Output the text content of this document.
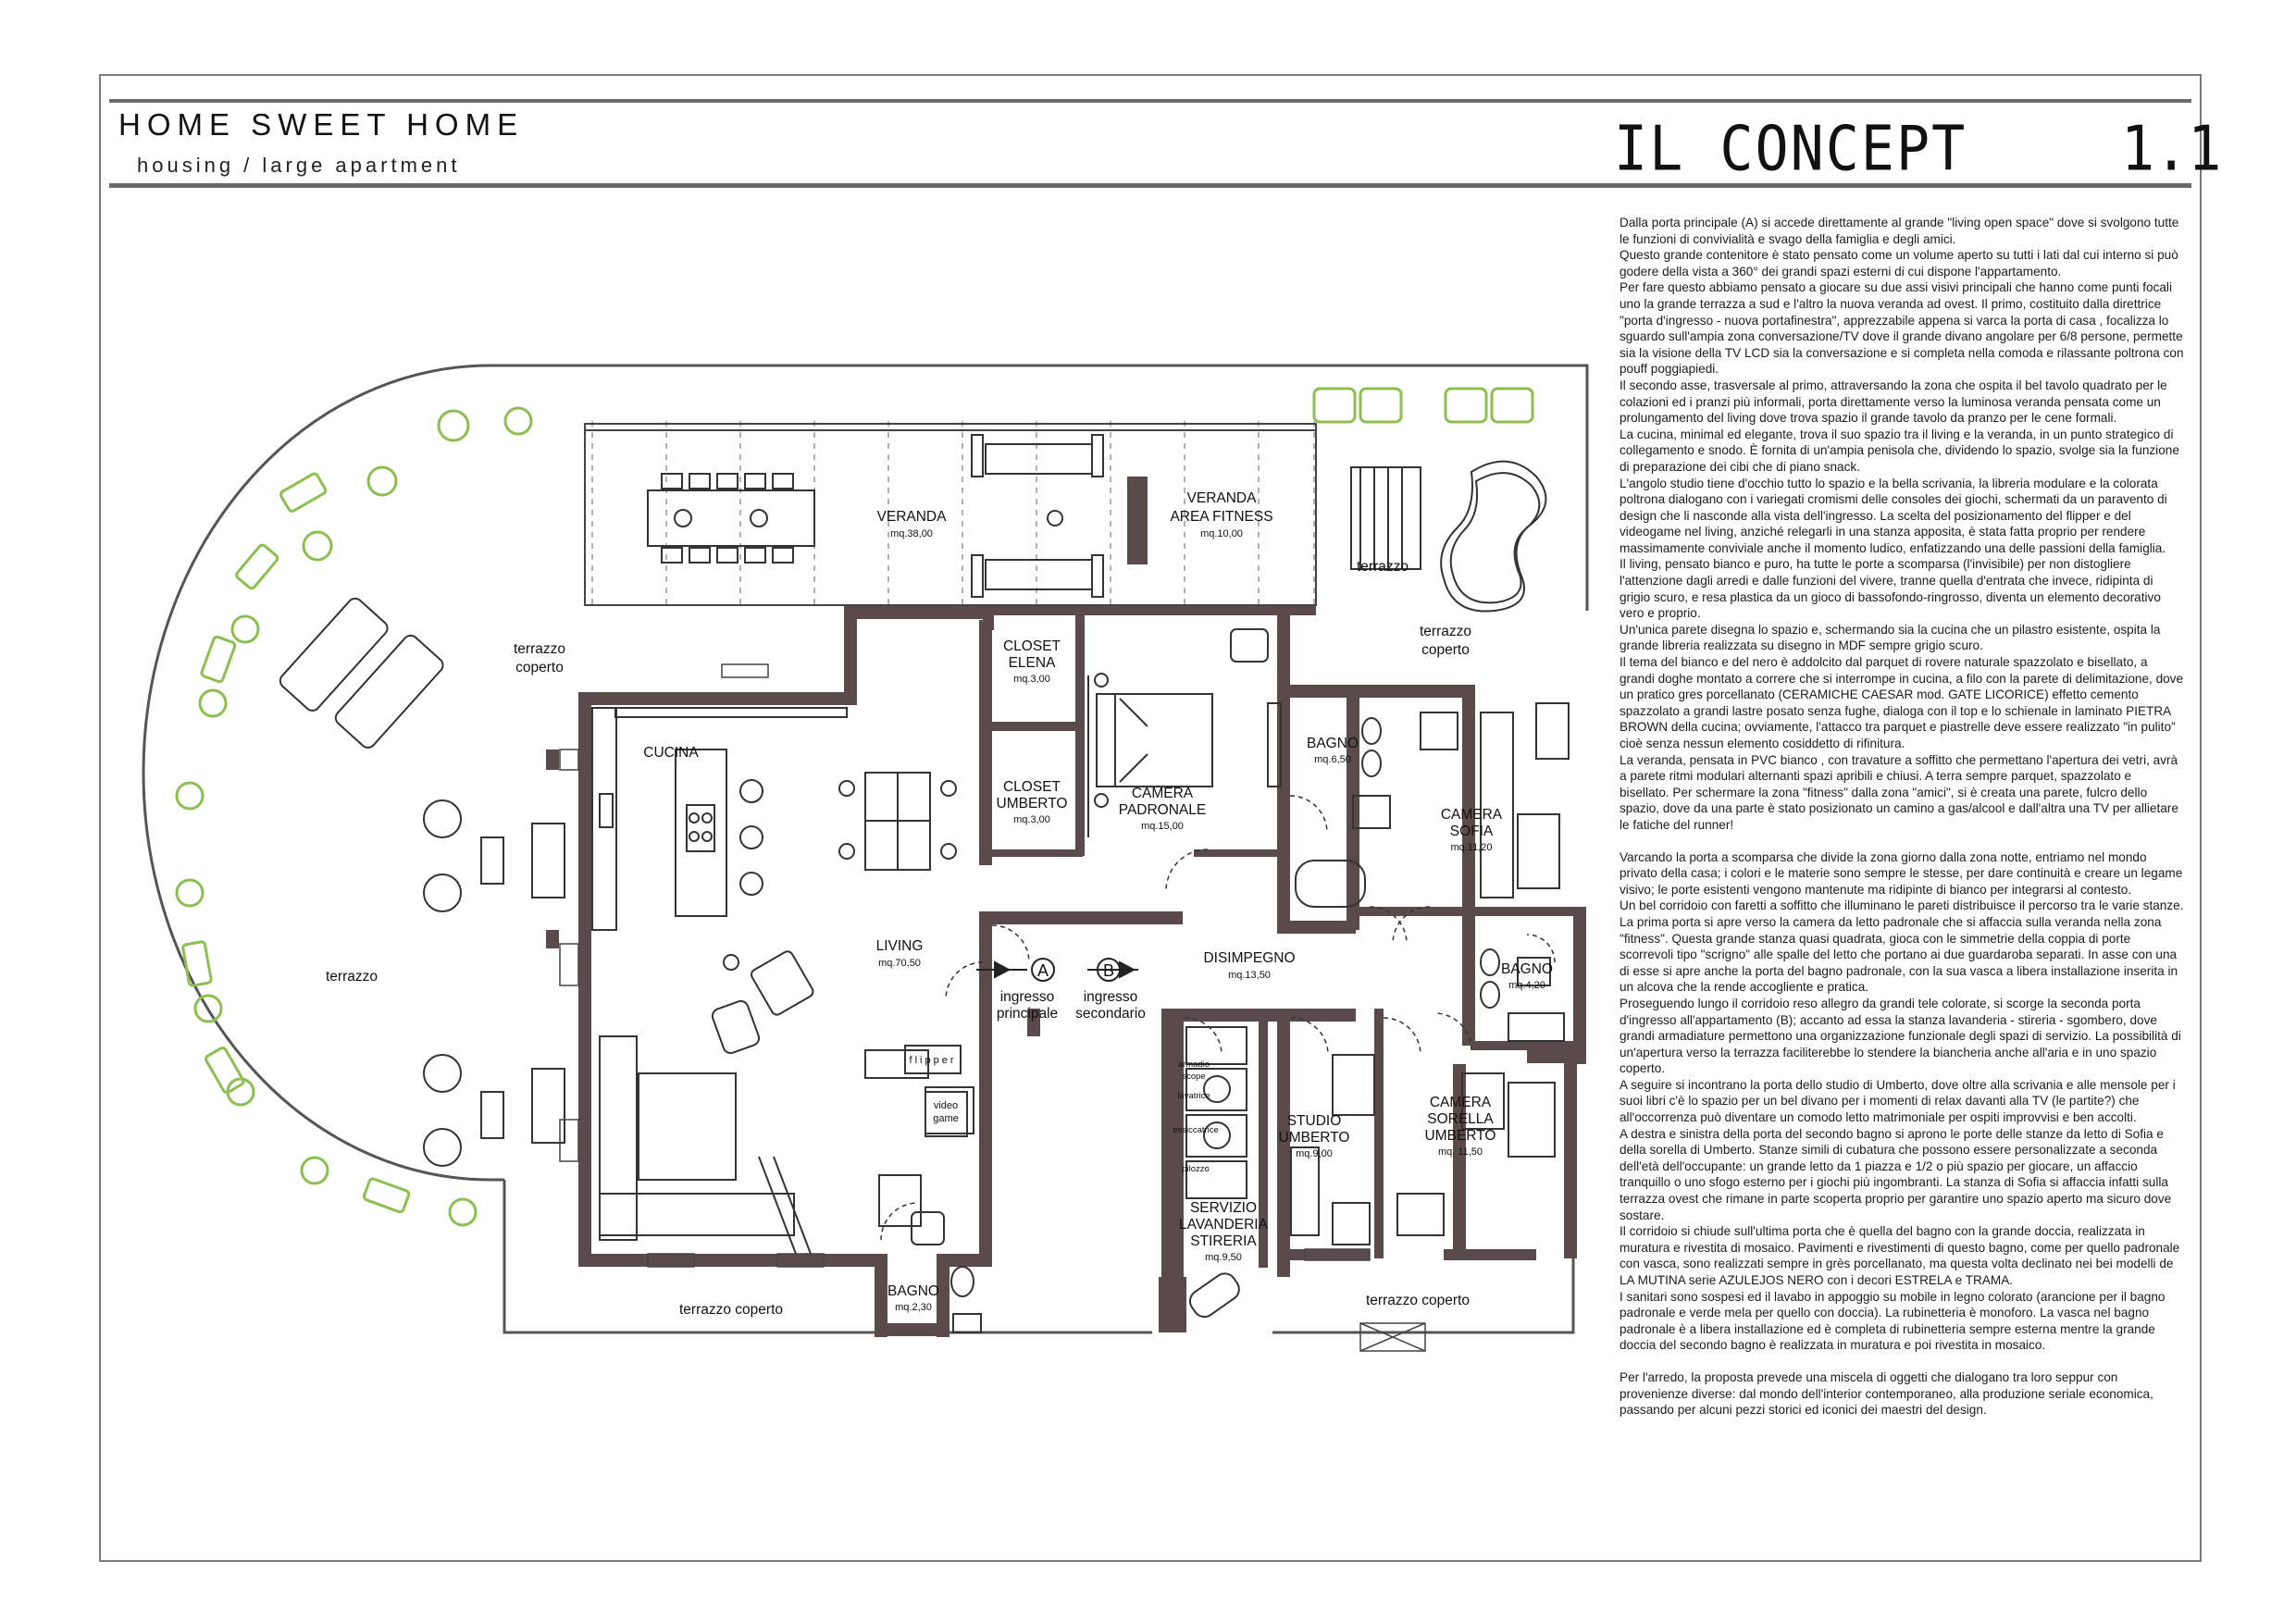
HOME SWEET HOME
housing / large apartment	IL CONCEPT	1.1
A	B
VERANDA
mq.38,00
VERANDA
AREA FITNESS
mq.10,00
terrazzo
terrazzo
coperto
terrazzo
coperto
CLOSET
ELENA
mq.3,00
CLOSET
UMBERTO
mq.3,00
CAMERA
PADRONALE
mq.15,00
BAGNO
mq.6,50
CAMERA
SOFIA
mq.11,20
CUCINA
LIVING
mq.70,50
terrazzo
DISIMPEGNO
mq.13,50	BAGNO
mq.4,20
STUDIO
UMBERTO
mq.9,00
CAMERA
SORELLA
UMBERTO
mq. 11,50
SERVIZIO
LAVANDERIA
STIRERIA
mq.9,50
BAGNO
mq.2,30
terrazzo coperto
terrazzo coperto
ingresso
principale
ingresso
secondario
flipper
video
game
armadio
scope
lavatrice
essiccatrice
pilozzo

Dalla porta principale (A) si accede direttamente al grande "living open space" dove si svolgono tutte le funzioni di convivialità e svago della famiglia e degli amici.

Questo grande contenitore è stato pensato come un volume aperto su tutti i lati dal cui interno si può godere della vista a 360° dei grandi spazi esterni di cui dispone l'appartamento.

Per fare questo abbiamo pensato a giocare su due assi visivi principali che hanno come punti focali uno la grande terrazza a sud e l'altro la nuova veranda ad ovest. Il primo, costituito dalla direttrice "porta d'ingresso - nuova portafinestra", apprezzabile appena si varca la porta di casa , focalizza lo sguardo sull'ampia zona conversazione/TV dove il grande divano angolare per 6/8 persone, permette sia la visione della TV LCD sia la conversazione e si completa nella comoda e rilassante poltrona con pouff poggiapiedi.

Il secondo asse, trasversale al primo, attraversando la zona che ospita il bel tavolo quadrato per le colazioni ed i pranzi più informali, porta direttamente verso la luminosa veranda pensata come un prolungamento del living dove trova spazio il grande tavolo da pranzo per le cene formali.

La cucina, minimal ed elegante, trova il suo spazio tra il living e la veranda, in un punto strategico di collegamento e snodo. È fornita di un'ampia penisola che, dividendo lo spazio, svolge sia la funzione di preparazione dei cibi che di piano snack.

L'angolo studio tiene d'occhio tutto lo spazio e la bella scrivania, la libreria modulare e la colorata poltrona dialogano con i variegati cromismi delle consoles dei giochi, schermati da un paravento di design che li nasconde alla vista dell'ingresso. La scelta del posizionamento del flipper e del videogame nel living, anziché relegarli in una stanza apposita, è stata fatta proprio per rendere massimamente conviviale anche il momento ludico, enfatizzando una delle passioni della famiglia.

Il living, pensato bianco e puro, ha tutte le porte a scomparsa (l'invisibile) per non distogliere l'attenzione dagli arredi e dalle funzioni del vivere, tranne quella d'entrata che invece, ridipinta di grigio scuro, e resa plastica da un gioco di bassofondo-ringrosso, diventa un elemento decorativo vero e proprio.

Un'unica parete disegna lo spazio e, schermando sia la cucina che un pilastro esistente, ospita la grande libreria realizzata su disegno in MDF sempre grigio scuro.

Il tema del bianco e del nero è addolcito dal parquet di rovere naturale spazzolato e bisellato, a grandi doghe montato a correre che si interrompe in cucina, a filo con la parete di delimitazione, dove un pratico gres porcellanato (CERAMICHE CAESAR mod. GATE LICORICE) effetto cemento spazzolato a grandi lastre posato senza fughe, dialoga con il top e lo schienale in laminato PIETRA BROWN della cucina; ovviamente, l'attacco tra parquet e piastrelle deve essere realizzato "in pulito" cioè senza nessun elemento cosiddetto di rifinitura.

La veranda, pensata in PVC bianco , con travature a soffitto che permettano l'apertura dei vetri, avrà a parete ritmi modulari alternanti spazi apribili e chiusi. A terra sempre parquet, spazzolato e bisellato. Per schermare la zona "fitness" dalla zona "amici", si è creata una parete, fulcro dello spazio, dove da una parte è stato posizionato un camino a gas/alcool e dall'altra una TV per allietare le fatiche del runner!

Varcando la porta a scomparsa che divide la zona giorno dalla zona notte, entriamo nel mondo privato della casa; i colori e le materie sono sempre le stesse, per dare continuità e creare un legame visivo; le porte esistenti vengono mantenute ma ridipinte di bianco per integrarsi al contesto.

Un bel corridoio con faretti a soffitto che illuminano le pareti distribuisce il percorso tra le varie stanze.

La prima porta si apre verso la camera da letto padronale che si affaccia sulla veranda nella zona "fitness". Questa grande stanza quasi quadrata, gioca con le simmetrie della coppia di porte scorrevoli tipo "scrigno" alle spalle del letto che portano ai due guardaroba separati. In asse con una di esse si apre anche la porta del bagno padronale, con la sua vasca a libera installazione inserita in un alcova che la rende accogliente e pratica.

Proseguendo lungo il corridoio reso allegro da grandi tele colorate, si scorge la seconda porta d'ingresso all'appartamento (B); accanto ad essa la stanza lavanderia - stireria - sgombero, dove grandi armadiature permettono una organizzazione funzionale degli spazi di servizio. La possibilità di un'apertura verso la terrazza faciliterebbe lo stendere la biancheria anche all'aria e in uno spazio coperto.

A seguire si incontrano la porta dello studio di Umberto, dove oltre alla scrivania e alle mensole per i suoi libri c'è lo spazio per un bel divano per i momenti di relax davanti alla TV (le partite?) che all'occorrenza può diventare un comodo letto matrimoniale per ospiti improvvisi e ben accolti.

A destra e sinistra della porta del secondo bagno si aprono le porte delle stanze da letto di Sofia e della sorella di Umberto. Stanze simili di cubatura che possono essere personalizzate a seconda dell'età dell'occupante: un grande letto da 1 piazza e 1/2 o più spazio per giocare, un affaccio tranquillo o uno sfogo esterno per i giochi più ingombranti. La stanza di Sofia si affaccia infatti sulla terrazza ovest che rimane in parte scoperta proprio per garantire uno spazio aperto ma sicuro dove sostare.

Il corridoio si chiude sull'ultima porta che è quella del bagno con la grande doccia, realizzata in muratura e rivestita di mosaico. Pavimenti e rivestimenti di questo bagno, come per quello padronale con vasca, sono realizzati sempre in grès porcellanato, ma questa volta declinato nei bei modelli de LA MUTINA serie AZULEJOS NERO con i decori ESTRELA e TRAMA.

I sanitari sono sospesi ed il lavabo in appoggio su mobile in legno colorato (arancione per il bagno padronale e verde mela per quello con doccia). La rubinetteria è monoforo. La vasca nel bagno padronale è a libera installazione ed è completa di rubinetteria sempre esterna mentre la grande doccia del secondo bagno è realizzata in muratura e poi rivestita in mosaico.

Per l'arredo, la proposta prevede una miscela di oggetti che dialogano tra loro seppur con provenienze diverse: dal mondo dell'interior contemporaneo, alla produzione seriale economica, passando per alcuni pezzi storici ed iconici dei maestri del design.
